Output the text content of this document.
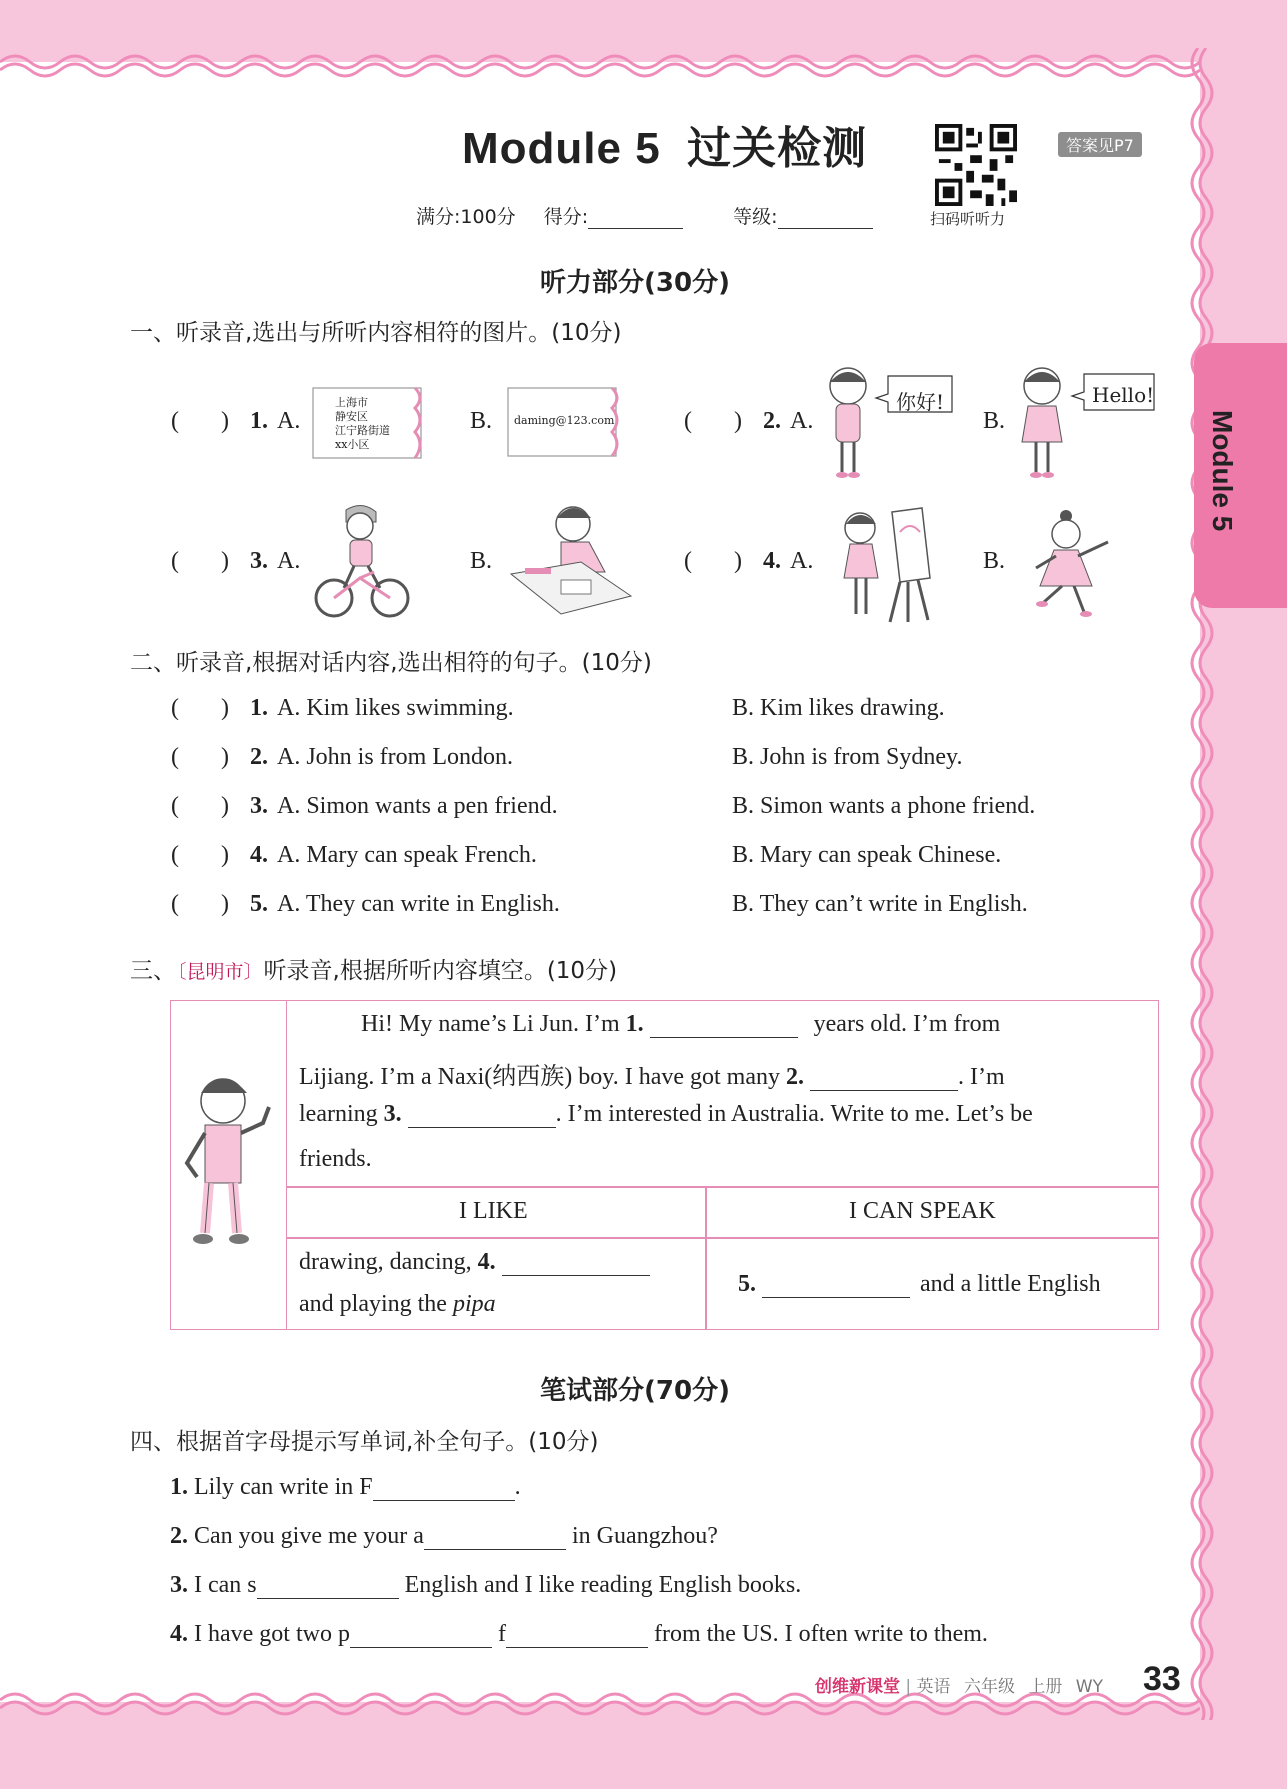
Module 5
Module 5  过关检测
扫码听听力
答案见P7
满分:100分 得分:	等级:
听力部分(30分)
一、听录音,选出与所听内容相符的图片。(10分)
(       ) 1. A.
上海市
静安区
江宁路街道
xx小区
B. daming@123.com	(       ) 2. A.
你好!
B.
Hello!
(       ) 3. A.	B.	(       ) 4. A.	B.
二、听录音,根据对话内容,选出相符的句子。(10分)
(       ) 1. A. Kim likes swimming.	B. Kim likes drawing.
(       ) 2. A. John is from London.	B. John is from Sydney.
(       ) 3. A. Simon wants a pen friend.	B. Simon wants a phone friend.
(       ) 4. A. Mary can speak French.	B. Mary can speak Chinese.
(       ) 5. A. They can write in English.	B. They can’t write in English.
三、〔昆明市〕听录音,根据所听内容填空。(10分)
Hi! My name’s Li Jun. I’m 1.	years old. I’m from
Lijiang. I’m a Naxi(纳西族) boy. I have got many 2.	. I’m
learning 3.	. I’m interested in Australia. Write to me. Let’s be
friends.
I LIKE	I CAN SPEAK
drawing, dancing, 4.
and playing the pipa
5.	and a little English
笔试部分(70分)
四、根据首字母提示写单词,补全句子。(10分)
1. Lily can write in F	.
2. Can you give me your a	in Guangzhou?
3. I can s	English and I like reading English books.
4. I have got two p	f	from the US. I often write to them.
创维新课堂 | 英语 六年级 上册 WY 33
